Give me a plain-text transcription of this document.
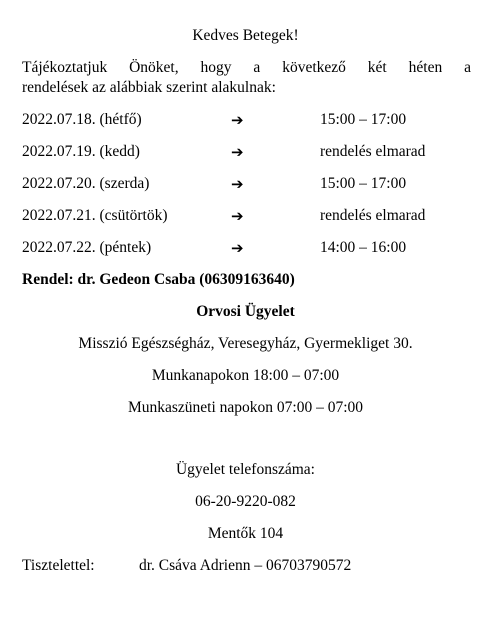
Kedves Betegek!
Tájékoztatjuk Önöket, hogy a következő két héten a
rendelések az alábbiak szerint alakulnak:
2022.07.18. (hétfő)	➔	15:00 – 17:00
2022.07.19. (kedd)	➔	rendelés elmarad
2022.07.20. (szerda)	➔	15:00 – 17:00
2022.07.21. (csütörtök)	➔	rendelés elmarad
2022.07.22. (péntek)	➔	14:00 – 16:00
Rendel: dr. Gedeon Csaba (06309163640)
Orvosi Ügyelet
Misszió Egészségház, Veresegyház, Gyermekliget 30.
Munkanapokon 18:00 – 07:00
Munkaszüneti napokon 07:00 – 07:00
Ügyelet telefonszáma:
06-20-9220-082
Mentők 104
Tisztelettel:	dr. Csáva Adrienn – 06703790572
